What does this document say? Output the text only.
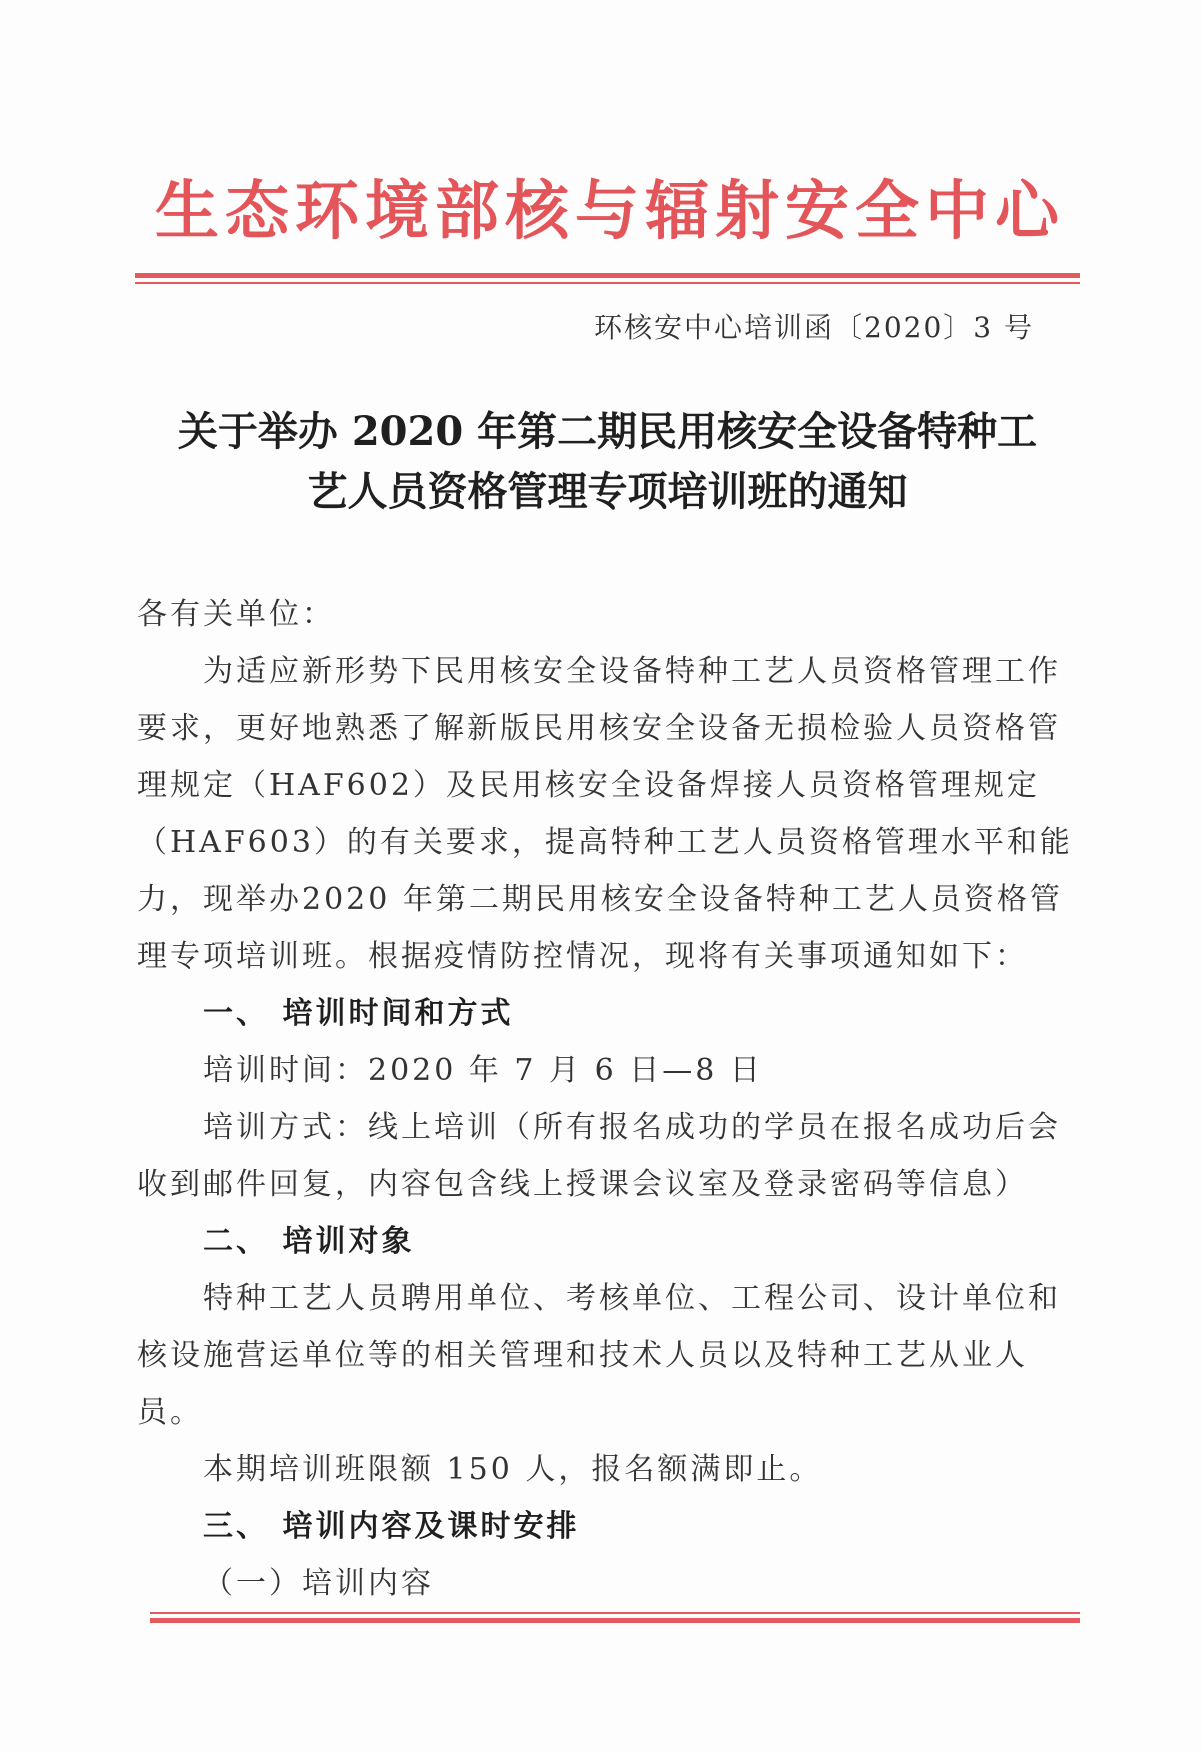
生态环境部核与辐射安全中心
环核安中心培训函〔2020〕3 号
关于举办 2020 年第二期民用核安全设备特种工
艺人员资格管理专项培训班的通知

各有关单位：

为适应新形势下民用核安全设备特种工艺人员资格管理工作要求，更好地熟悉了解新版民用核安全设备无损检验人员资格管理规定（HAF602）及民用核安全设备焊接人员资格管理规定（HAF603）的有关要求，提高特种工艺人员资格管理水平和能力，现举办2020 年第二期民用核安全设备特种工艺人员资格管理专项培训班。根据疫情防控情况，现将有关事项通知如下：

一、 培训时间和方式

培训时间：2020 年 7 月 6 日—8 日

培训方式：线上培训（所有报名成功的学员在报名成功后会收到邮件回复，内容包含线上授课会议室及登录密码等信息）

二、 培训对象

特种工艺人员聘用单位、考核单位、工程公司、设计单位和核设施营运单位等的相关管理和技术人员以及特种工艺从业人员。

本期培训班限额 150 人，报名额满即止。

三、 培训内容及课时安排

（一）培训内容
